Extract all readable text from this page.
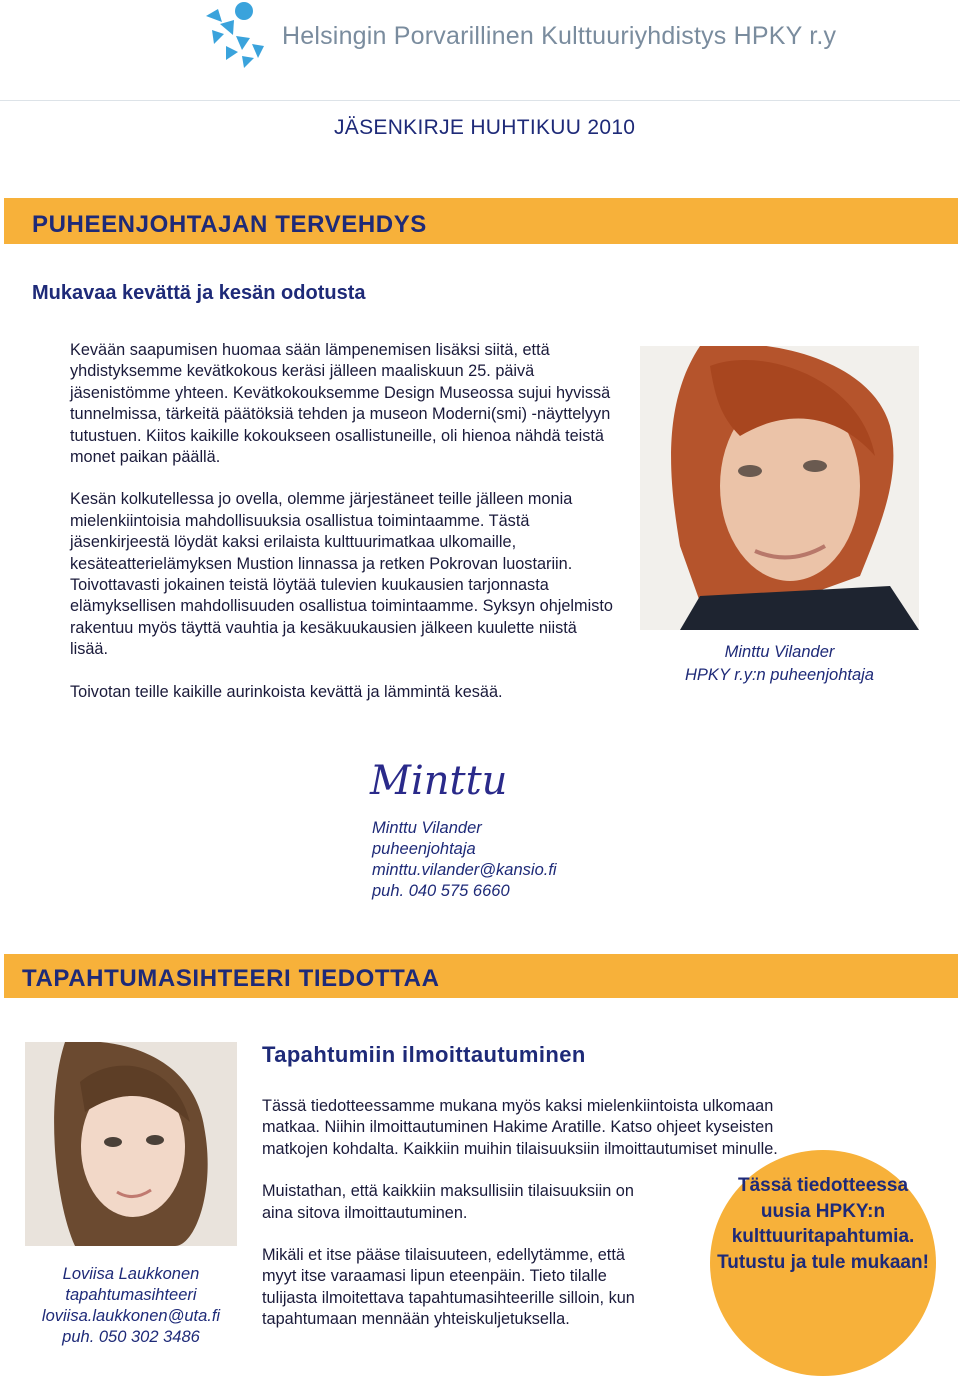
Helsingin Porvarillinen Kulttuuriyhdistys HPKY r.y
JÄSENKIRJE HUHTIKUU 2010
PUHEENJOHTAJAN TERVEHDYS
Mukavaa kevättä ja kesän odotusta

Kevään saapumisen huomaa sään lämpenemisen lisäksi siitä, että yhdistyksemme kevätkokous keräsi jälleen maaliskuun 25. päivä jäsenistömme yhteen. Kevätkokouksemme Design Museossa sujui hyvissä tunnelmissa, tärkeitä päätöksiä tehden ja museon Moderni(smi) -näyttelyyn tutustuen. Kiitos kaikille kokoukseen osallistuneille, oli hienoa nähdä teistä monet paikan päällä.

Kesän kolkutellessa jo ovella, olemme järjestäneet teille jälleen monia mielenkiintoisia mahdollisuuksia osallistua toimintaamme. Tästä jäsenkirjeestä löydät kaksi erilaista kulttuurimatkaa ulkomaille, kesäteatterielämyksen Mustion linnassa ja retken Pokrovan luostariin. Toivottavasti jokainen teistä löytää tulevien kuukausien tarjonnasta elämyksellisen mahdollisuuden osallistua toimintaamme. Syksyn ohjelmisto rakentuu myös täyttä vauhtia ja kesäkuukausien jälkeen kuulette niistä lisää.

Toivotan teille kaikille aurinkoista kevättä ja lämmintä kesää.

Minttu Vilander
HPKY r.y:n puheenjohtaja
Minttu
Minttu Vilander
puheenjohtaja
minttu.vilander@kansio.fi
puh. 040 575 6660
TAPAHTUMASIHTEERI TIEDOTTAA
Loviisa Laukkonen
tapahtumasihteeri
loviisa.laukkonen@uta.fi
puh. 050 302 3486
Tapahtumiin ilmoittautuminen

Tässä tiedotteessamme mukana myös kaksi mielenkiintoista ulkomaan matkaa. Niihin ilmoittautuminen Hakime Aratille. Katso ohjeet kyseisten matkojen kohdalta. Kaikkiin muihin tilaisuuksiin ilmoittautumiset minulle.

Muistathan, että kaikkiin maksullisiin tilaisuuksiin on aina sitova ilmoittautuminen.

Mikäli et itse pääse tilaisuuteen, edellytämme, että myyt itse varaamasi lipun eteenpäin. Tieto tilalle tulijasta ilmoitettava tapahtumasihteerille silloin, kun tapahtumaan mennään yhteiskuljetuksella.

Tässä tiedotteessa uusia HPKY:n kulttuuritapahtumia. Tutustu ja tule mukaan!
